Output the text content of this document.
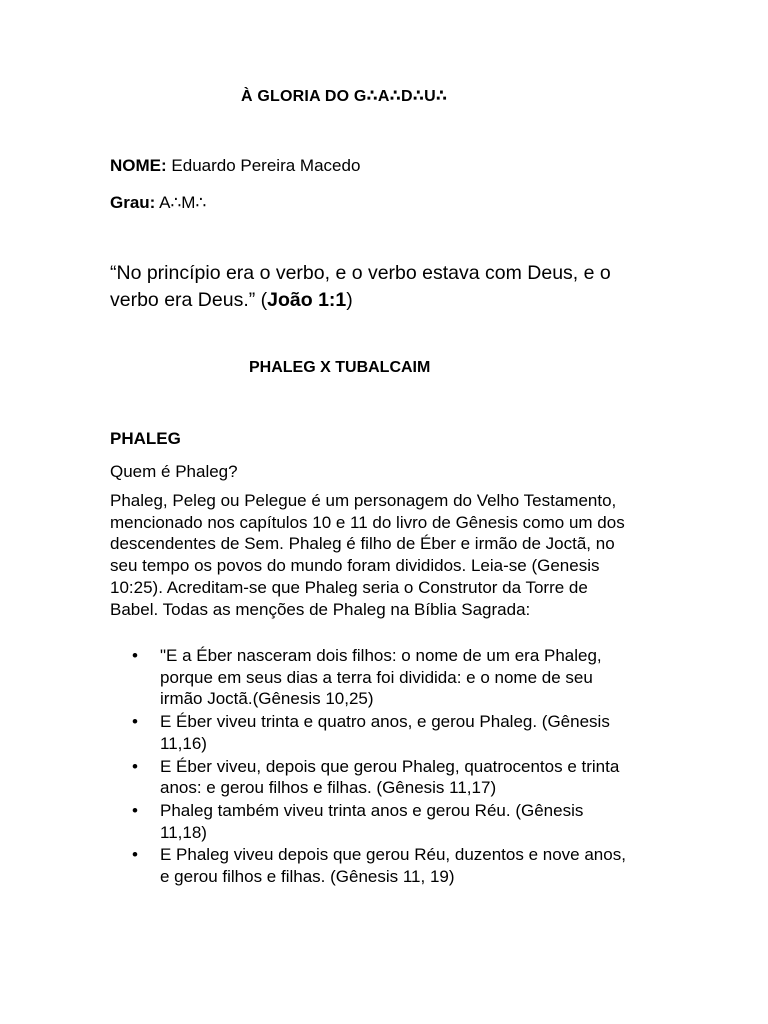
À GLORIA DO G∴A∴D∴U∴
NOME: Eduardo Pereira Macedo
Grau: A∴M∴
“No princípio era o verbo, e o verbo estava com Deus, e o
verbo era Deus.” (João 1:1)
PHALEG X TUBALCAIM
PHALEG
Quem é Phaleg?
Phaleg, Peleg ou Pelegue é um personagem do Velho Testamento,
mencionado nos capítulos 10 e 11 do livro de Gênesis como um dos
descendentes de Sem. Phaleg é filho de Éber e irmão de Joctã, no
seu tempo os povos do mundo foram divididos. Leia-se (Genesis
10:25). Acreditam-se que Phaleg seria o Construtor da Torre de
Babel. Todas as menções de Phaleg na Bíblia Sagrada:
• "E a Éber nasceram dois filhos: o nome de um era Phaleg,
porque em seus dias a terra foi dividida: e o nome de seu
irmão Joctã.(Gênesis 10,25)
• E Éber viveu trinta e quatro anos, e gerou Phaleg. (Gênesis
11,16)
• E Éber viveu, depois que gerou Phaleg, quatrocentos e trinta
anos: e gerou filhos e filhas. (Gênesis 11,17)
• Phaleg também viveu trinta anos e gerou Réu. (Gênesis
11,18)
• E Phaleg viveu depois que gerou Réu, duzentos e nove anos,
e gerou filhos e filhas. (Gênesis 11, 19)
